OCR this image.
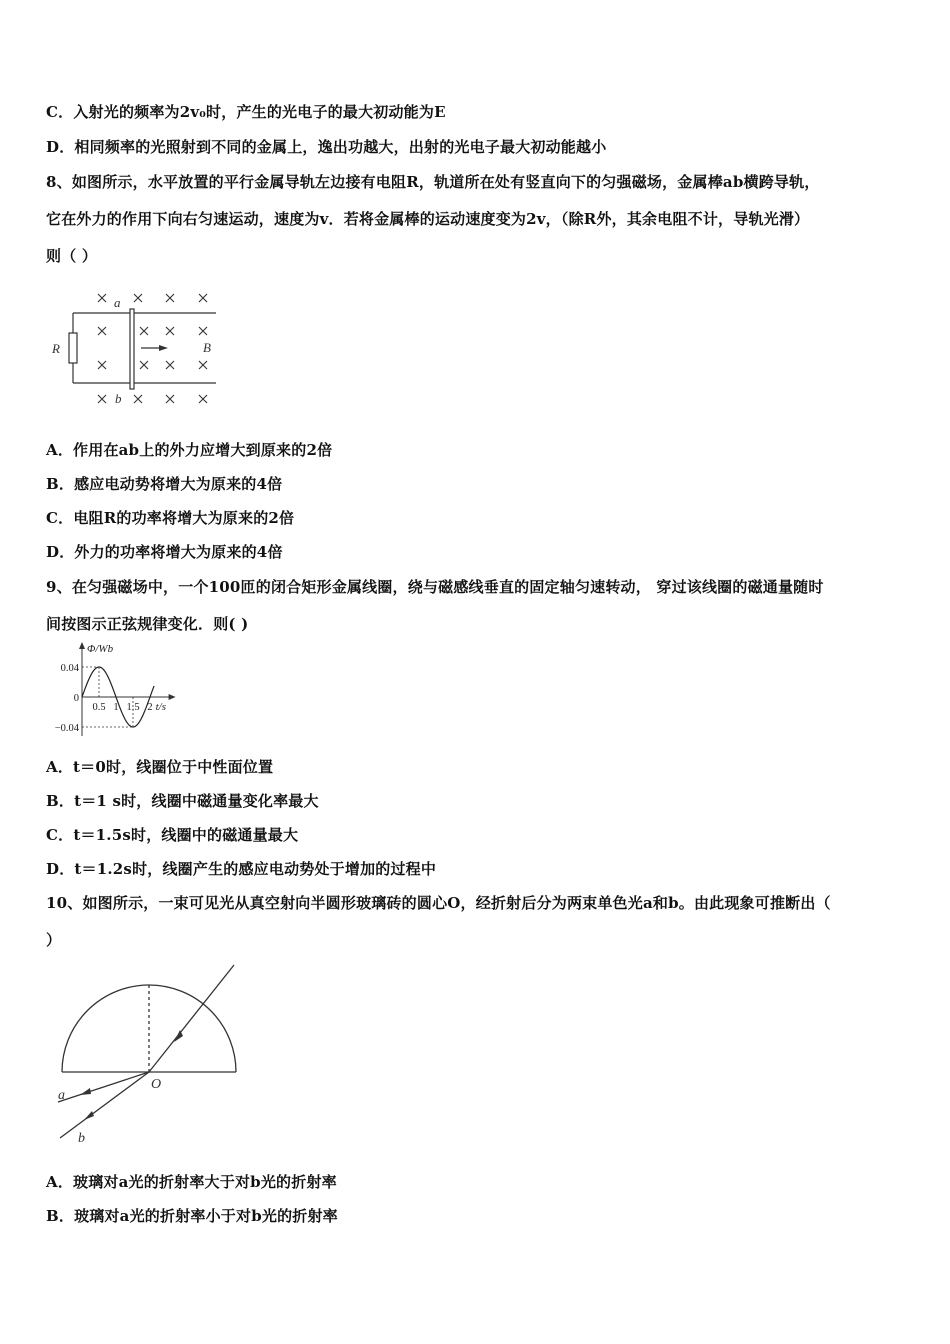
C．入射光的频率为2v₀时，产生的光电子的最大初动能为E
D．相同频率的光照射到不同的金属上，逸出功越大，出射的光电子最大初动能越小
8、如图所示，水平放置的平行金属导轨左边接有电阻R，轨道所在处有竖直向下的匀强磁场，金属棒ab横跨导轨，
它在外力的作用下向右匀速运动，速度为v．若将金属棒的运动速度变为2v，（除R外，其余电阻不计，导轨光滑）
则（ ）
a
b
R	B
A．作用在ab上的外力应增大到原来的2倍
B．感应电动势将增大为原来的4倍
C．电阻R的功率将增大为原来的2倍
D．外力的功率将增大为原来的4倍
9、在匀强磁场中，一个100匝的闭合矩形金属线圈，绕与磁感线垂直的固定轴匀速转动， 穿过该线圈的磁通量随时
间按图示正弦规律变化．则( )
Φ/Wb
t/s
0.04
0
−0.04
0.5 1 1.5 2
A．t＝0时，线圈位于中性面位置
B．t＝1 s时，线圈中磁通量变化率最大
C．t＝1.5s时，线圈中的磁通量最大
D．t＝1.2s时，线圈产生的感应电动势处于增加的过程中
10、如图所示，一束可见光从真空射向半圆形玻璃砖的圆心O，经折射后分为两束单色光a和b。由此现象可推断出（
）
O
a
b
A．玻璃对a光的折射率大于对b光的折射率
B．玻璃对a光的折射率小于对b光的折射率
